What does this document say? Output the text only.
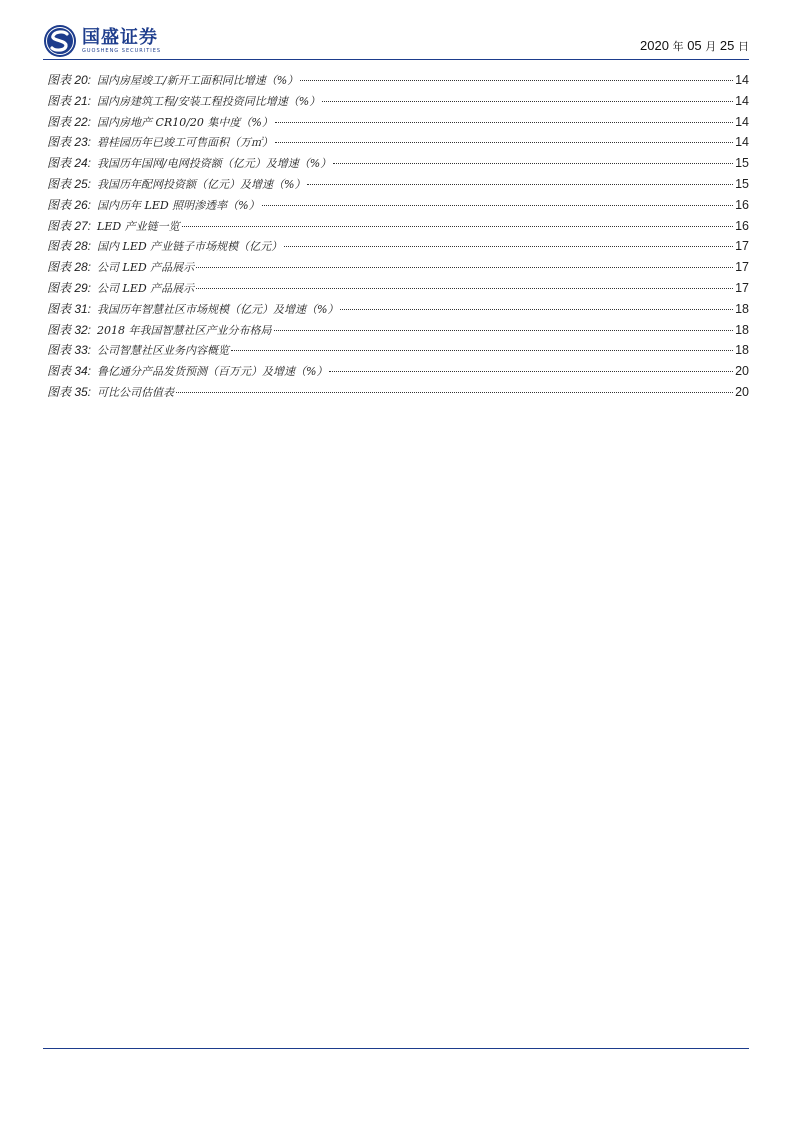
国盛证券
GUOSHENG SECURITIES	2020 年 05 月 25 日
图表 20: 国内房屋竣工/新开工面积同比增速（%）	14
图表 21: 国内房建筑工程/安装工程投资同比增速（%）	14
图表 22: 国内房地产 CR10/20 集中度（%）	14
图表 23: 碧桂园历年已竣工可售面积（万㎡）	14
图表 24: 我国历年国网/电网投资额（亿元）及增速（%）	15
图表 25: 我国历年配网投资额（亿元）及增速（%）	15
图表 26: 国内历年 LED 照明渗透率（%）	16
图表 27: LED 产业链一览	16
图表 28: 国内 LED 产业链子市场规模（亿元）	17
图表 28: 公司 LED 产品展示	17
图表 29: 公司 LED 产品展示	17
图表 31: 我国历年智慧社区市场规模（亿元）及增速（%）	18
图表 32: 2018 年我国智慧社区产业分布格局	18
图表 33: 公司智慧社区业务内容概览	18
图表 34: 鲁亿通分产品发货预测（百万元）及增速（%）	20
图表 35: 可比公司估值表	20
